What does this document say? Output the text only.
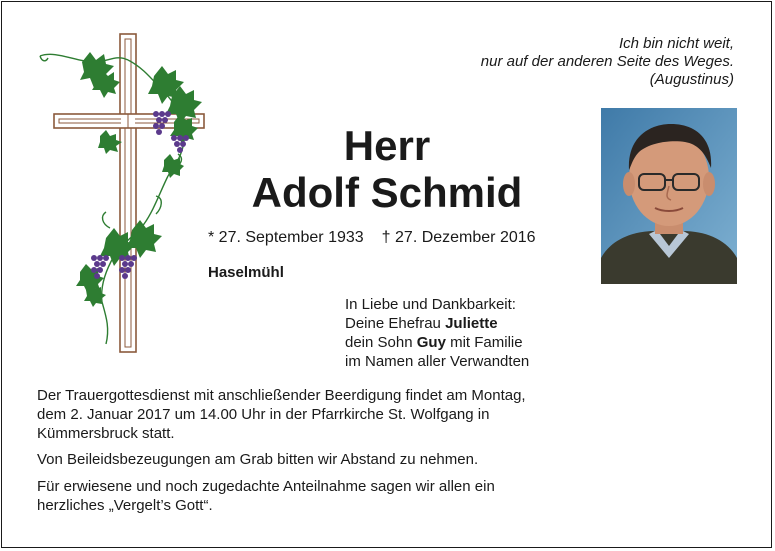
Ich bin nicht weit,
nur auf der anderen Seite des Weges.
(Augustinus)
Herr
Adolf Schmid
* 27. September 1933 † 27. Dezember 2016
Haselmühl
In Liebe und Dankbarkeit:
Deine Ehefrau Juliette
dein Sohn Guy mit Familie
im Namen aller Verwandten
Der Trauergottesdienst mit anschließender Beerdigung findet am Montag,
dem 2. Januar 2017 um 14.00 Uhr in der Pfarrkirche St. Wolfgang in
Kümmersbruck statt.
Von Beileidsbezeugungen am Grab bitten wir Abstand zu nehmen.
Für erwiesene und noch zugedachte Anteilnahme sagen wir allen ein
herzliches „Vergelt’s Gott“.
